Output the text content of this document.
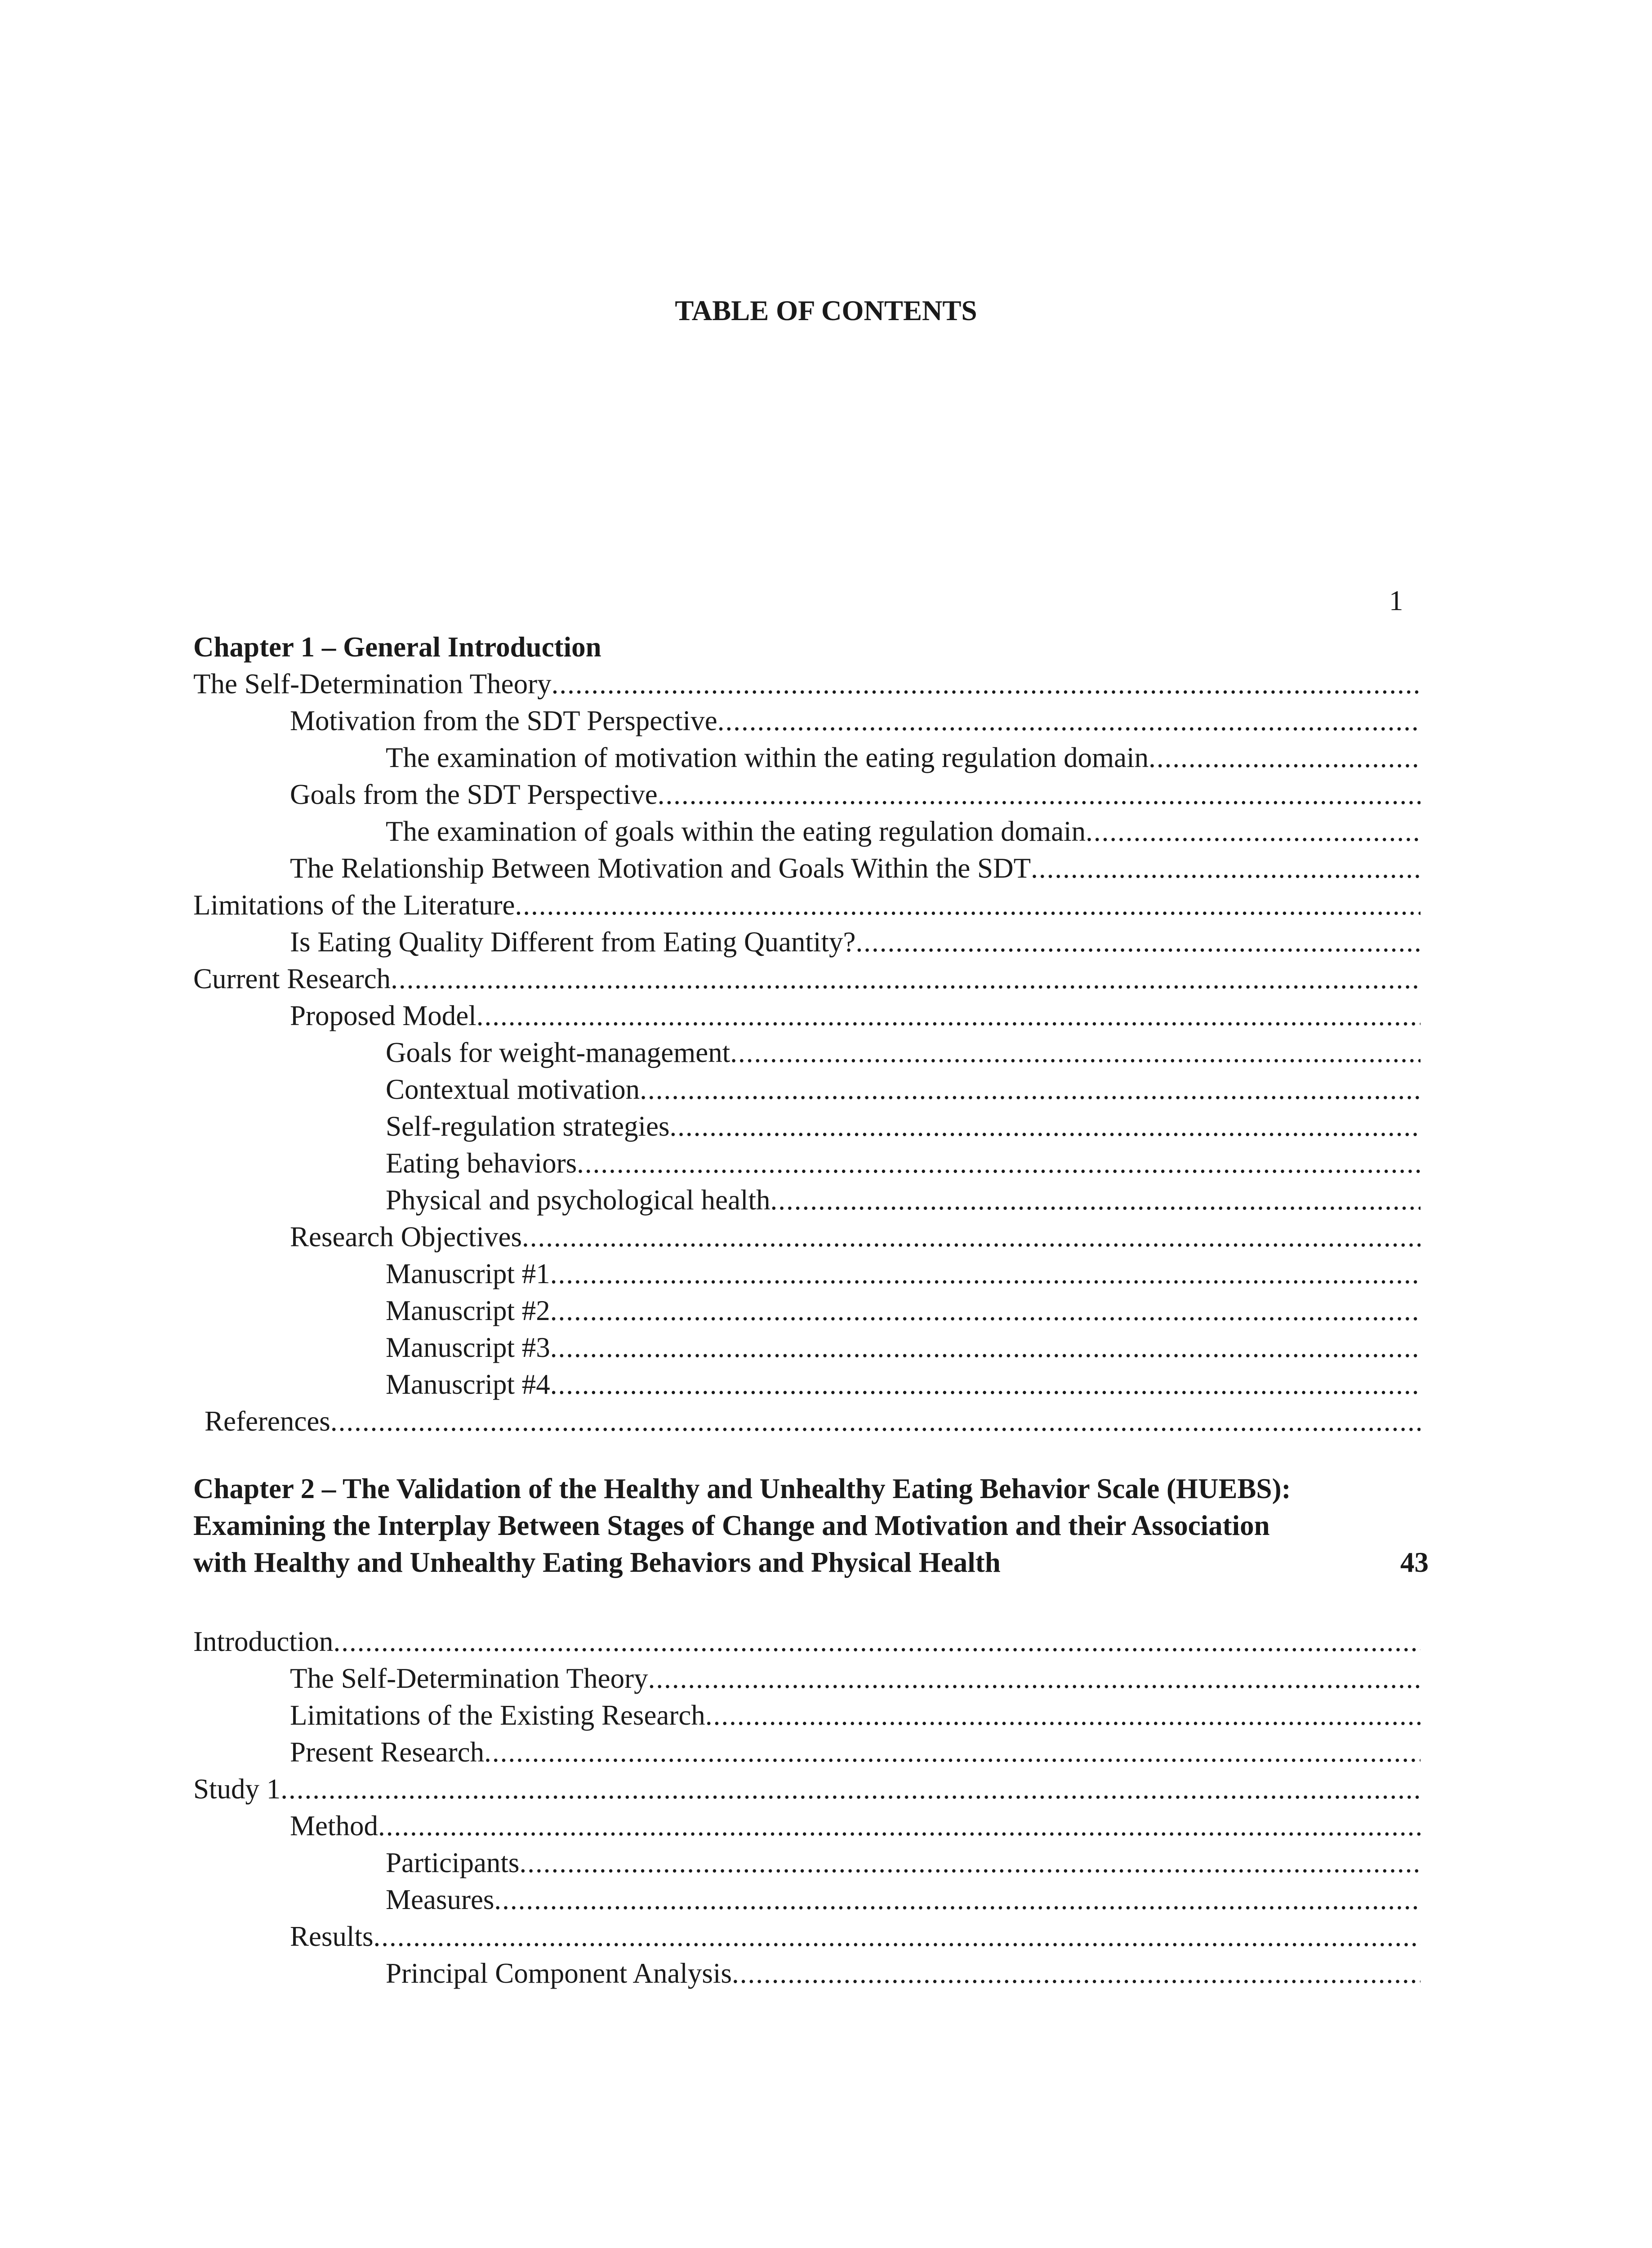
TABLE OF CONTENTS
1
Chapter 1 – General Introduction
The Self-Determination Theory
.....
Motivation from the SDT Perspective
.....
The examination of motivation within the eating regulation domain
.....
Goals from the SDT Perspective
.....
The examination of goals within the eating regulation domain
.....
The Relationship Between Motivation and Goals Within the SDT
.....
Limitations of the Literature
.....
Is Eating Quality Different from Eating Quantity?
.....
Current Research
.....
Proposed Model
.....
Goals for weight-management
.....
Contextual motivation
.....
Self-regulation strategies
.....
Eating behaviors
.....
Physical and psychological health
.....
Research Objectives
.....
Manuscript #1
.....
Manuscript #2
.....
Manuscript #3
.....
Manuscript #4
.....
References
.....
Chapter 2 – The Validation of the Healthy and Unhealthy Eating Behavior Scale (HUEBS):
Examining the Interplay Between Stages of Change and Motivation and their Association
with Healthy and Unhealthy Eating Behaviors and Physical Health	43
Introduction
.....
The Self-Determination Theory
.....
Limitations of the Existing Research
.....
Present Research
.....
Study 1
.....
Method
.....
Participants
.....
Measures
.....
Results
.....
Principal Component Analysis
.....
